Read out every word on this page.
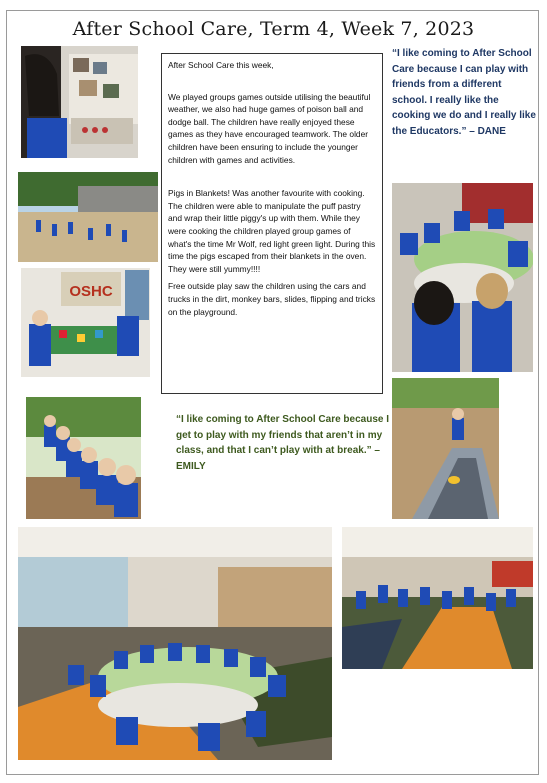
After School Care, Term 4, Week 7, 2023
OSHC

After School Care this week,

We played groups games outside utilising the beautiful weather, we also had huge games of poison ball and dodge ball. The children have really enjoyed these games as they have encouraged teamwork. The older children have been ensuring to include the younger children with games and activities.

Pigs in Blankets! Was another favourite with cooking. The children were able to manipulate the puff pastry and wrap their little piggy's up with them. While they were cooking the children played group games of what's the time Mr Wolf, red light green light. During this time the pigs escaped from their blankets in the oven. They were still yummy!!!!

Free outside play saw the children using the cars and trucks in the dirt, monkey bars, slides, flipping and tricks on the playground.

“I like coming to After School Care because I can play with friends from a different school. I really like the cooking we do and I really like the Educators.” – DANE
“I like coming to After School Care because I get to play with my friends that aren’t in my class, and that I can’t play with at break.” – EMILY
